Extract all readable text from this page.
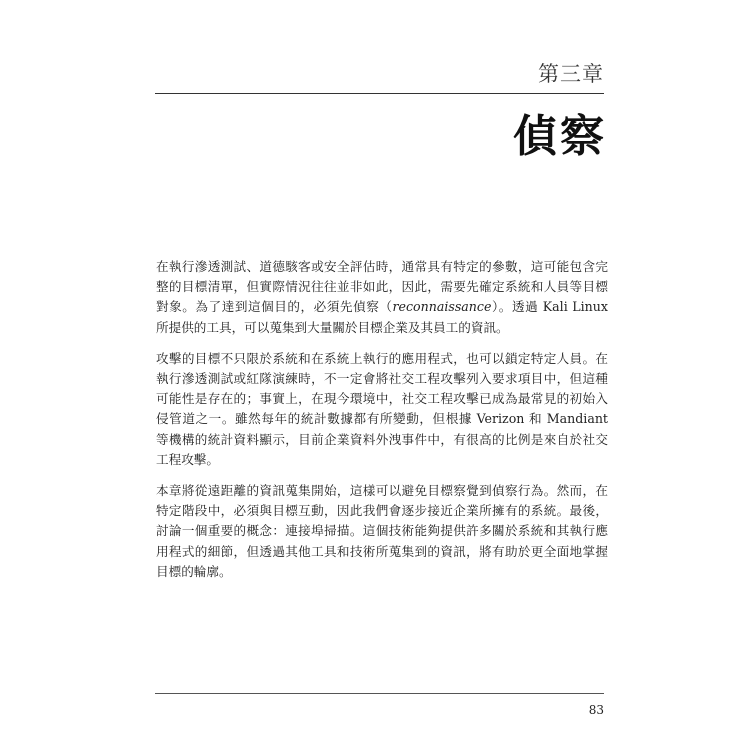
第三章
偵察

在執行滲透測試、道德駭客或安全評估時，通常具有特定的參數，這可能包含完整的目標清單，但實際情況往往並非如此，因此，需要先確定系統和人員等目標對象。為了達到這個目的，必須先偵察（reconnaissance）。透過 Kali Linux 所提供的工具，可以蒐集到大量關於目標企業及其員工的資訊。

攻擊的目標不只限於系統和在系統上執行的應用程式，也可以鎖定特定人員。在執行滲透測試或紅隊演練時，不一定會將社交工程攻擊列入要求項目中，但這種可能性是存在的；事實上，在現今環境中，社交工程攻擊已成為最常見的初始入侵管道之一。雖然每年的統計數據都有所變動，但根據 Verizon 和 Mandiant 等機構的統計資料顯示，目前企業資料外洩事件中，有很高的比例是來自於社交工程攻擊。

本章將從遠距離的資訊蒐集開始，這樣可以避免目標察覺到偵察行為。然而，在特定階段中，必須與目標互動，因此我們會逐步接近企業所擁有的系統。最後，討論一個重要的概念：連接埠掃描。這個技術能夠提供許多關於系統和其執行應用程式的細節，但透過其他工具和技術所蒐集到的資訊，將有助於更全面地掌握目標的輪廓。

83
